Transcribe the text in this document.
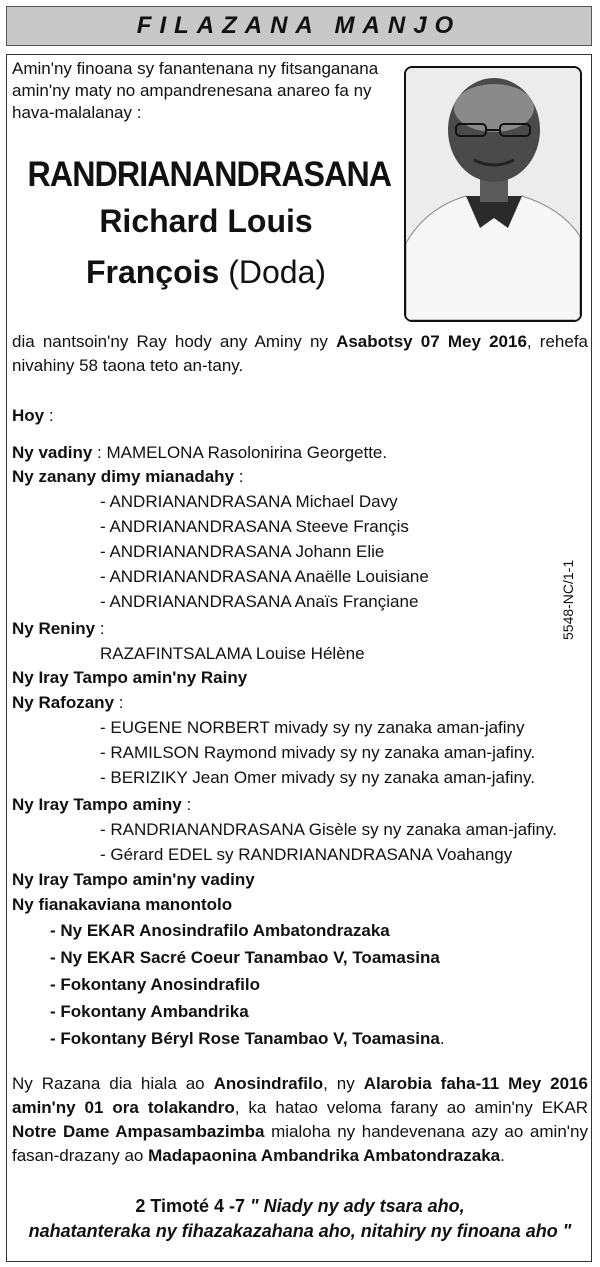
FILAZANA MANJO
Amin'ny finoana sy fanantenana ny fitsanganana amin'ny maty no ampandrenesana anareo fa ny hava-malalanay :
RANDRIANANDRASANA
Richard Louis
François (Doda)
dia nantsoin'ny Ray hody any Aminy ny Asabotsy 07 Mey 2016, rehefa nivahiny 58 taona teto an-tany.
Hoy :
Ny vadiny : MAMELONA Rasolonirina Georgette.
Ny zanany dimy mianadahy :
- ANDRIANANDRASANA Michael Davy
- ANDRIANANDRASANA Steeve Françis
- ANDRIANANDRASANA Johann Elie
- ANDRIANANDRASANA Anaëlle Louisiane
- ANDRIANANDRASANA Anaïs Françiane
Ny Reniny :
RAZAFINTSALAMA Louise Hélène
Ny Iray Tampo amin'ny Rainy
Ny Rafozany :
- EUGENE NORBERT mivady sy ny zanaka aman-jafiny
- RAMILSON Raymond mivady sy ny zanaka aman-jafiny.
- BERIZIKY Jean Omer mivady sy ny zanaka aman-jafiny.
Ny Iray Tampo aminy :
- RANDRIANANDRASANA Gisèle sy ny zanaka aman-jafiny.
- Gérard EDEL sy RANDRIANANDRASANA Voahangy
Ny Iray Tampo amin'ny vadiny
Ny fianakaviana manontolo
- Ny EKAR Anosindrafilo Ambatondrazaka
- Ny EKAR Sacré Coeur Tanambao V, Toamasina
- Fokontany Anosindrafilo
- Fokontany Ambandrika
- Fokontany Béryl Rose Tanambao V, Toamasina.
Ny Razana dia hiala ao Anosindrafilo, ny Alarobia faha-11 Mey 2016 amin'ny 01 ora tolakandro, ka hatao veloma farany ao amin'ny EKAR Notre Dame Ampasambazimba mialoha ny handevenana azy ao amin'ny fasan-drazany ao Madapaonina Ambandrika Ambatondrazaka.
2 Timoté 4 -7 " Niady ny ady tsara aho,
nahatanteraka ny fihazakazahana aho, nitahiry ny finoana aho "
5548-NC/1-1
